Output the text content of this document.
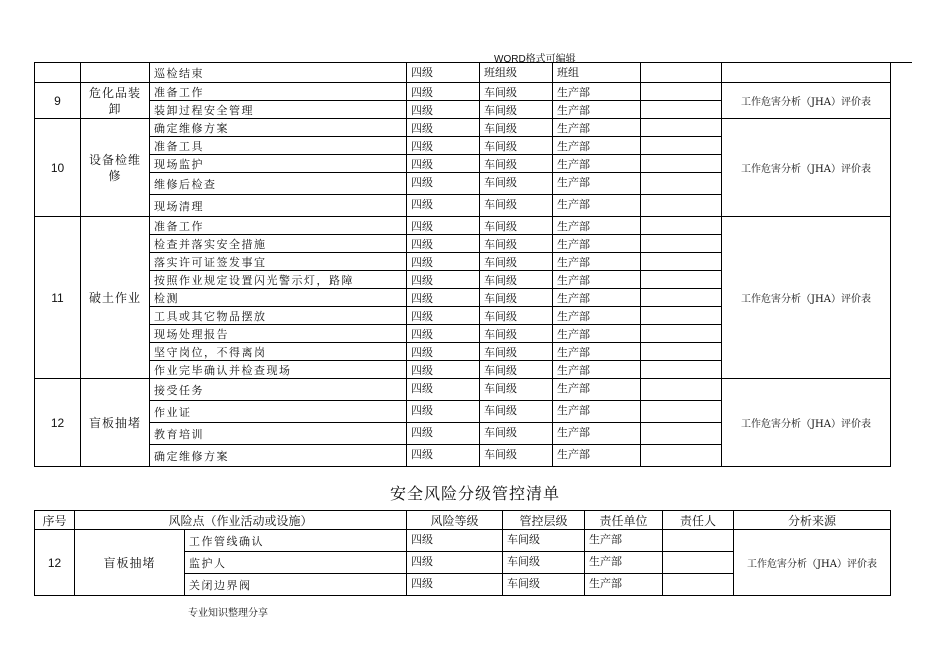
WORD格式可编辑
		巡检结束	四级	班组级	班组		
9	危化品装卸	准备工作	四级	车间级	生产部		工作危害分析（JHA）评价表
		装卸过程安全管理	四级	车间级	生产部		
10	设备检维修	确定维修方案	四级	车间级	生产部		工作危害分析（JHA）评价表
		准备工具	四级	车间级	生产部		
		现场监护	四级	车间级	生产部		
		维修后检查	四级	车间级	生产部		
		现场清理	四级	车间级	生产部		
11	破土作业	准备工作	四级	车间级	生产部		工作危害分析（JHA）评价表
		检查并落实安全措施	四级	车间级	生产部		
		落实许可证签发事宜	四级	车间级	生产部		
		按照作业规定设置闪光警示灯，路障	四级	车间级	生产部		
		检测	四级	车间级	生产部		
		工具或其它物品摆放	四级	车间级	生产部		
		现场处理报告	四级	车间级	生产部		
		坚守岗位，不得离岗	四级	车间级	生产部		
		作业完毕确认并检查现场	四级	车间级	生产部		
12	盲板抽堵	接受任务	四级	车间级	生产部		工作危害分析（JHA）评价表
		作业证	四级	车间级	生产部		
		教育培训	四级	车间级	生产部		
		确定维修方案	四级	车间级	生产部		
安全风险分级管控清单
序号	风险点（作业活动或设施）		风险等级	管控层级	责任单位	责任人	分析来源
12	盲板抽堵	工作管线确认	四级	车间级	生产部		工作危害分析（JHA）评价表
		监护人	四级	车间级	生产部		
		关闭边界阀	四级	车间级	生产部		
专业知识整理分享
